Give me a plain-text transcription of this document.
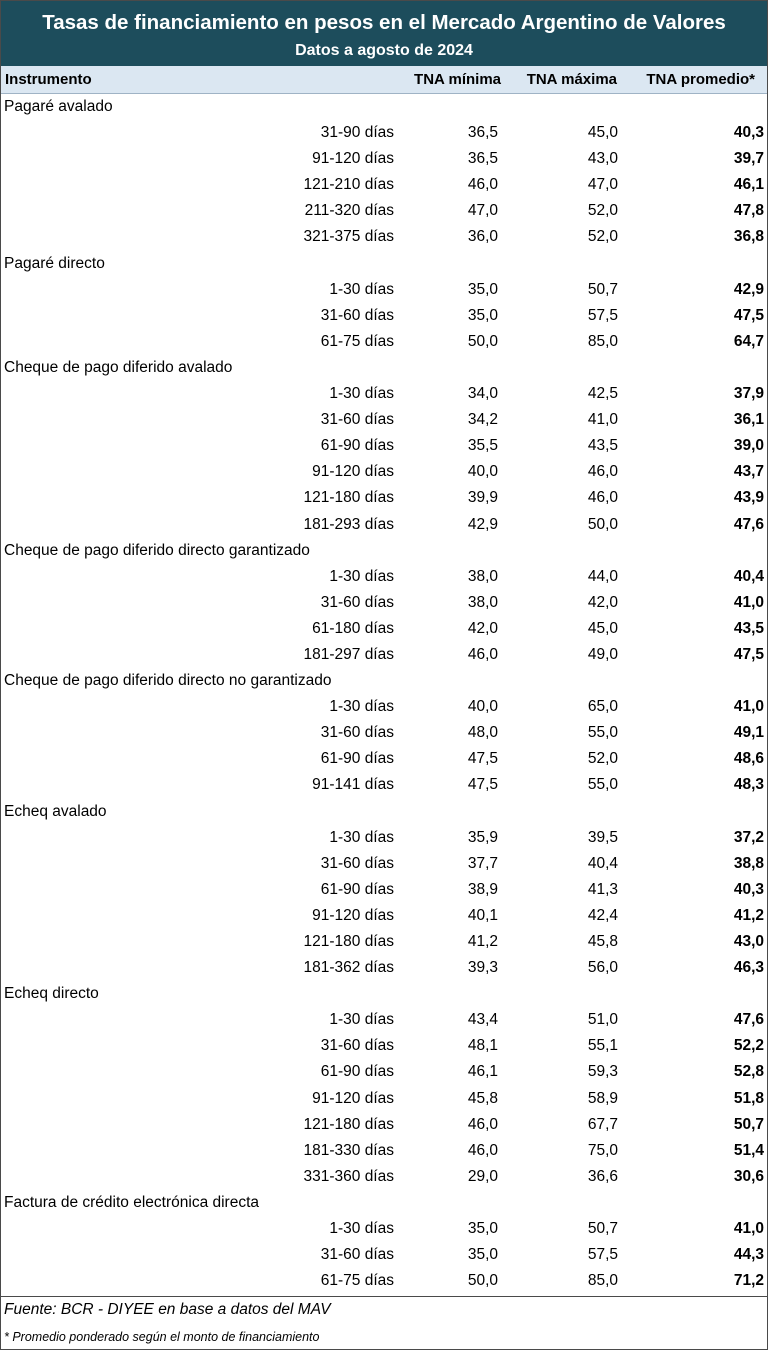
Tasas de financiamiento en pesos en el Mercado Argentino de Valores
Datos a agosto de 2024
Instrumento	TNA mínima TNA máxima TNA promedio*
Pagaré avalado
31-90 días	36,5	45,0	40,3
91-120 días	36,5	43,0	39,7
121-210 días	46,0	47,0	46,1
211-320 días	47,0	52,0	47,8
321-375 días	36,0	52,0	36,8
Pagaré directo
1-30 días	35,0	50,7	42,9
31-60 días	35,0	57,5	47,5
61-75 días	50,0	85,0	64,7
Cheque de pago diferido avalado
1-30 días	34,0	42,5	37,9
31-60 días	34,2	41,0	36,1
61-90 días	35,5	43,5	39,0
91-120 días	40,0	46,0	43,7
121-180 días	39,9	46,0	43,9
181-293 días	42,9	50,0	47,6
Cheque de pago diferido directo garantizado
1-30 días	38,0	44,0	40,4
31-60 días	38,0	42,0	41,0
61-180 días	42,0	45,0	43,5
181-297 días	46,0	49,0	47,5
Cheque de pago diferido directo no garantizado
1-30 días	40,0	65,0	41,0
31-60 días	48,0	55,0	49,1
61-90 días	47,5	52,0	48,6
91-141 días	47,5	55,0	48,3
Echeq avalado
1-30 días	35,9	39,5	37,2
31-60 días	37,7	40,4	38,8
61-90 días	38,9	41,3	40,3
91-120 días	40,1	42,4	41,2
121-180 días	41,2	45,8	43,0
181-362 días	39,3	56,0	46,3
Echeq directo
1-30 días	43,4	51,0	47,6
31-60 días	48,1	55,1	52,2
61-90 días	46,1	59,3	52,8
91-120 días	45,8	58,9	51,8
121-180 días	46,0	67,7	50,7
181-330 días	46,0	75,0	51,4
331-360 días	29,0	36,6	30,6
Factura de crédito electrónica directa
1-30 días	35,0	50,7	41,0
31-60 días	35,0	57,5	44,3
61-75 días	50,0	85,0	71,2
Fuente: BCR - DIYEE en base a datos del MAV
* Promedio ponderado según el monto de financiamiento
